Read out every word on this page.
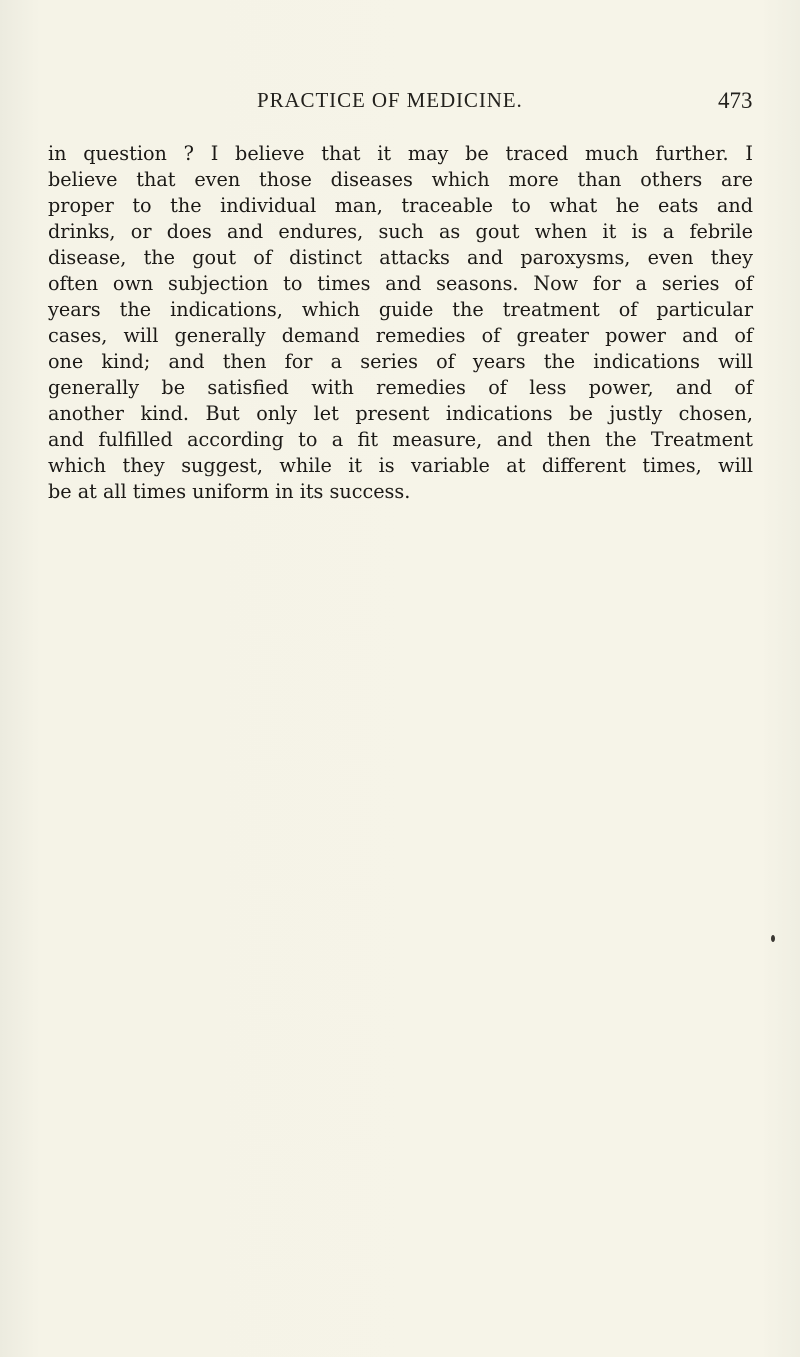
PRACTICE OF MEDICINE.	473
in question ? I believe that it may be traced much further. I
believe that even those diseases which more than others are
proper to the individual man, traceable to what he eats and
drinks, or does and endures, such as gout when it is a febrile
disease, the gout of distinct attacks and paroxysms, even they
often own subjection to times and seasons. Now for a series of
years the indications, which guide the treatment of particular
cases, will generally demand remedies of greater power and of
one kind; and then for a series of years the indications will
generally be satisfied with remedies of less power, and of
another kind. But only let present indications be justly chosen,
and fulfilled according to a fit measure, and then the Treatment
which they suggest, while it is variable at different times, will
be at all times uniform in its success.
